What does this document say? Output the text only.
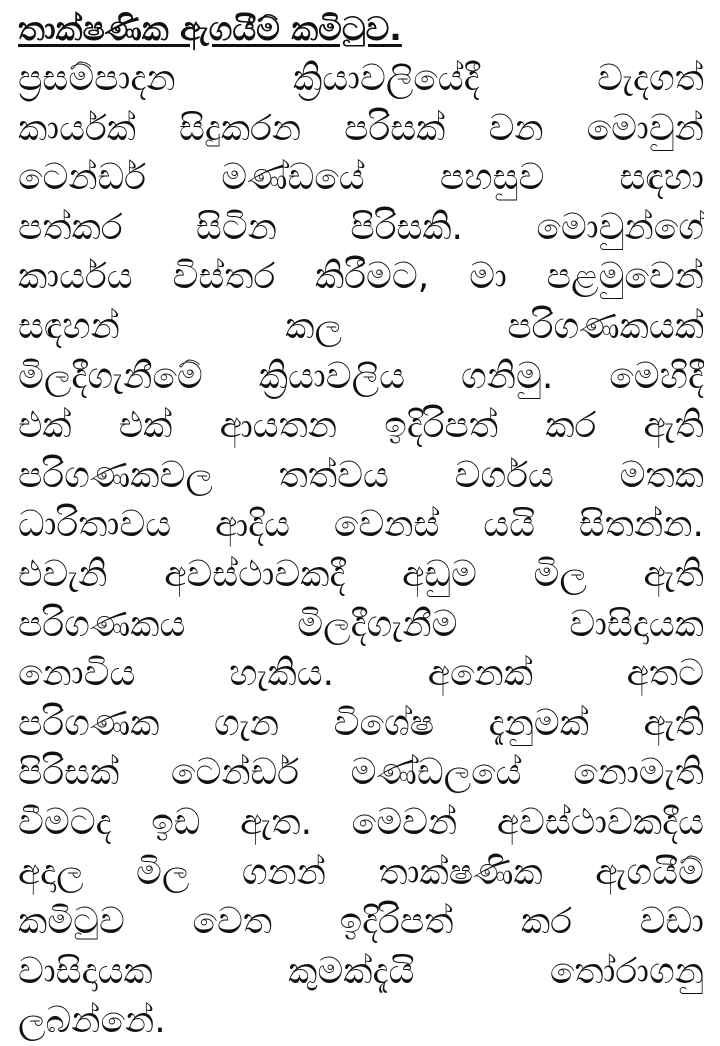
තාක්ෂණික ඇගයීම් කමිටුව.
ප්‍රසම්පාදන	ක්‍රියාවලියේදී	වැදගත්
කාර්යක් සිදුකරන පරිසක් වන මොවුන්
ටෙන්ඩර් මණ්ඩයේ පහසුව සඳහා
පත්කර සිටින පිරිසකි. මොවුන්ගේ
කාර්යය විස්තර කිරීමට, මා පළමුවෙන්
සඳහන්	කල	පරිගණකයක්
මිලදීගැනීමේ ක්‍රියාවලිය ගනිමු. මෙහිදී
එක් එක් ආයතන ඉදිරිපත් කර ඇති
පරිගණකවල තත්වය වර්ගය මතක
ධාරිතාවය ආදිය වෙනස් යයි සිතන්න.
එවැනි අවස්ථාවකදී අඩුම මිල ඇති
පරිගණකය	මිලදීගැනීම	වාසිදායක
නොවිය	හැකිය.	අනෙක්	අතට
පරිගණක ගැන විශේෂ දැනුමක් ඇති
පිරිසක් ටෙන්ඩර් මණ්ඩලයේ නොමැති
වීමටද ඉඩ ඇත. මෙවන් අවස්ථාවකදීය
අදාල මිල ගනන් තාක්ෂණික ඇගයීම්
කමිටුව වෙත ඉදිරිපත් කර වඩා
වාසිදායක	කුමක්දැයි	තෝරාගනු
ලබන්නේ.
